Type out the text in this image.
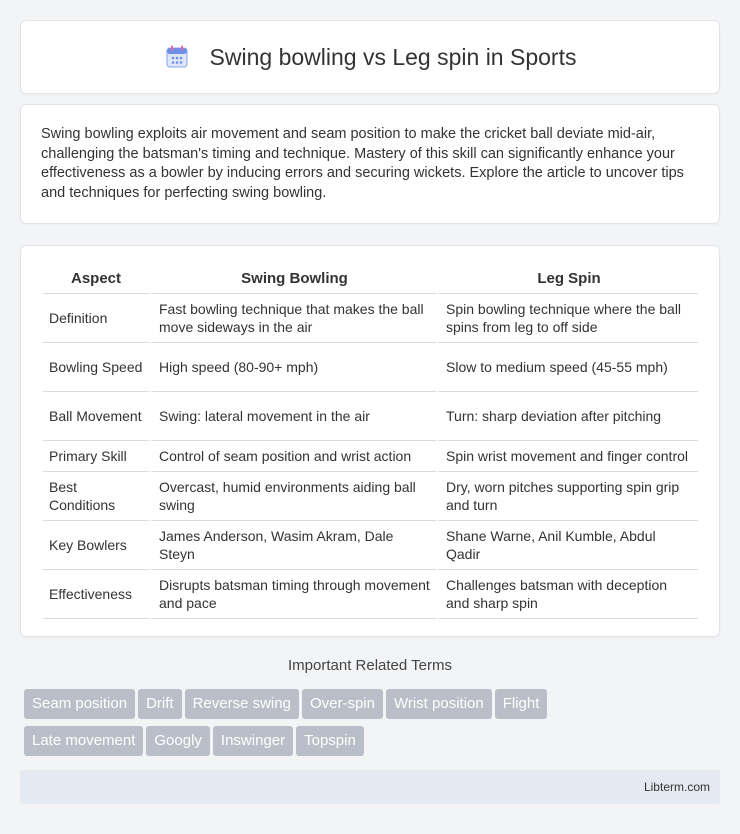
Swing bowling vs Leg spin in Sports

Swing bowling exploits air movement and seam position to make the cricket ball deviate mid-air, challenging the batsman's timing and technique. Mastery of this skill can significantly enhance your effectiveness as a bowler by inducing errors and securing wickets. Explore the article to uncover tips and techniques for perfecting swing bowling.

Aspect	Swing Bowling	Leg Spin
Definition	Fast bowling technique that makes the ball move sideways in the air	Spin bowling technique where the ball spins from leg to off side
Bowling Speed	High speed (80-90+ mph)	Slow to medium speed (45-55 mph)
Ball Movement	Swing: lateral movement in the air	Turn: sharp deviation after pitching
Primary Skill	Control of seam position and wrist action	Spin wrist movement and finger control
Best Conditions	Overcast, humid environments aiding ball swing	Dry, worn pitches supporting spin grip and turn
Key Bowlers	James Anderson, Wasim Akram, Dale Steyn	Shane Warne, Anil Kumble, Abdul Qadir
Effectiveness	Disrupts batsman timing through movement and pace	Challenges batsman with deception and sharp spin
Important Related Terms
Seam position Drift Reverse swing Over-spin Wrist position Flight
Late movement Googly Inswinger Topspin
Libterm.com
